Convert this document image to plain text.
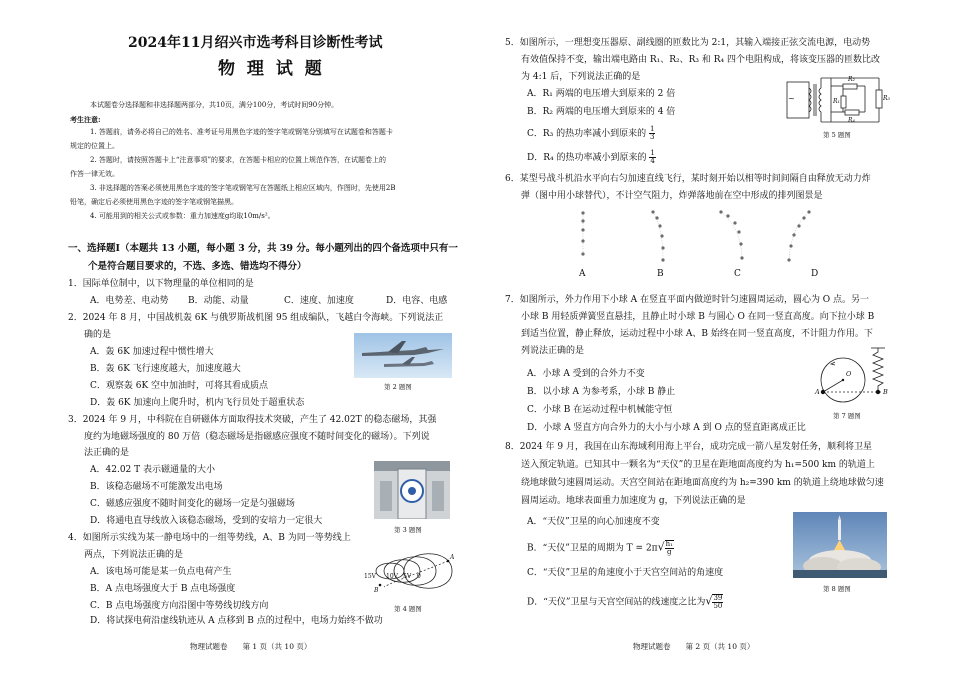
2024年11月绍兴市选考科目诊断性考试
物 理 试 题
本试题卷分选择题和非选择题两部分，共10页，满分100分，考试时间90分钟。
考生注意:
1. 答题前，请务必将自己的姓名、准考证号用黑色字迹的签字笔或钢笔分别填写在试题卷和答题卡
规定的位置上。
2. 答题时，请按照答题卡上“注意事项”的要求，在答题卡相应的位置上规范作答，在试题卷上的
作答一律无效。
3. 非选择题的答案必须使用黑色字迹的签字笔或钢笔写在答题纸上相应区域内，作图时，先使用2B
铅笔，确定后必须使用黑色字迹的签字笔或钢笔描黑。
4. 可能用到的相关公式或参数：重力加速度g均取10m/s²。
一、选择题Ⅰ（本题共 13 小题，每小题 3 分，共 39 分。每小题列出的四个备选项中只有一
个是符合题目要求的，不选、多选、错选均不得分）
1．国际单位制中，以下物理量的单位相同的是
A．电势差、电动势 B．动能、动量	C．速度、加速度	D．电容、电感
2．2024 年 8 月，中国战机轰 6K 与俄罗斯战机图 95 组成编队，飞越白令海峡。下列说法正
确的是
A．轰 6K 加速过程中惯性增大
B．轰 6K 飞行速度越大，加速度越大
C．观察轰 6K 空中加油时，可将其看成质点
D．轰 6K 加速向上爬升时，机内飞行员处于超重状态
第 2 题图
3．2024 年 9 月，中科院在自研磁体方面取得技术突破，产生了 42.02T 的稳态磁场，其强
度约为地磁场强度的 80 万倍（稳态磁场是指磁感应强度不随时间变化的磁场）。下列说
法正确的是
A．42.02 T 表示磁通量的大小
B．该稳态磁场不可能激发出电场
C．磁感应强度不随时间变化的磁场一定是匀强磁场
D．将通电直导线放入该稳态磁场，受到的安培力一定很大
第 3 题图
4．如图所示实线为某一静电场中的一组等势线，A、B 为同一等势线上
两点，下列说法正确的是
A．该电场可能是某一负点电荷产生
B．A 点电场强度大于 B 点电场强度
C．B 点电场强度方向沿图中等势线切线方向
D．将试探电荷沿虚线轨迹从 A 点移到 B 点的过程中，电场力始终不做功
15V 10V 5V 0
A
B
第 4 题图
物理试题卷　　第 1 页（共 10 页）
5．如图所示，一理想变压器原、副线圈的匝数比为 2:1，其输入端接正弦交流电源，电动势
有效值保持不变，输出端电路由 R₁、R₂、R₃ 和 R₄ 四个电阻构成，将该变压器的匝数比改
为 4:1 后，下列说法正确的是
A．R₁ 两端的电压增大到原来的 2 倍
B．R₂ 两端的电压增大到原来的 4 倍
C．R₃ 的热功率减小到原来的 $\frac{1}{3}$
D．R₄ 的热功率减小到原来的 $\frac{1}{4}$
~
R₂
R₁	R₃
R₄
第 5 题图
6．某型号战斗机沿水平向右匀加速直线飞行，某时刻开始以相等时间间隔自由释放无动力炸
弹（图中用小球替代），不计空气阻力，炸弹落地前在空中形成的排列图景是
A	B	C	D
7．如图所示，外力作用下小球 A 在竖直平面内做逆时针匀速圆周运动，圆心为 O 点。另一
小球 B 用轻质弹簧竖直悬挂，且静止时小球 B 与圆心 O 在同一竖直高度。向下拉小球 B
到适当位置，静止释放，运动过程中小球 A、B 始终在同一竖直高度，不计阻力作用。下
列说法正确的是
A．小球 A 受到的合外力不变
B．以小球 A 为参考系，小球 B 静止
C．小球 B 在运动过程中机械能守恒
D．小球 A 竖直方向合外力的大小与小球 A 到 O 点的竖直距离成正比
O
A	B
第 7 题图
8．2024 年 9 月，我国在山东海域利用海上平台，成功完成一箭八星发射任务，顺利将卫星
送入预定轨道。已知其中一颗名为“天仪”的卫星在距地面高度约为 h₁=500 km 的轨道上
绕地球做匀速圆周运动。天宫空间站在距地面高度约为 h₂=390 km 的轨道上绕地球做匀速
圆周运动。地球表面重力加速度为 g，下列说法正确的是
A．“天仪”卫星的向心加速度不变
B．“天仪”卫星的周期为 $T = 2\pi√ \frac{\text{h₁}}{g}$
C．“天仪”卫星的角速度小于天宫空间站的角速度
D．“天仪”卫星与天宫空间站的线速度之比为√ $\frac{39}{50}$
第 8 题图
物理试题卷　　第 2 页（共 10 页）
